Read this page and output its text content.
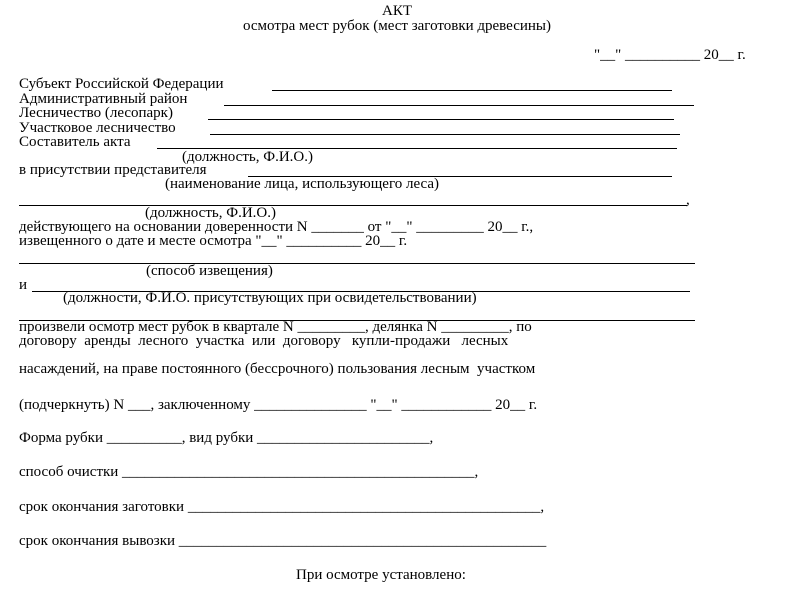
АКТ
осмотра мест рубок (мест заготовки древесины)
"__" __________ 20__ г.
Субъект Российской Федерации
Административный район
Лесничество (лесопарк)
Участковое лесничество
Составитель акта
(должность, Ф.И.О.)
в присутствии представителя
(наименование лица, использующего леса)
,
(должность, Ф.И.О.)
действующего на основании доверенности N _______ от "__" _________ 20__ г.,
извещенного о дате и месте осмотра "__" __________ 20__ г.
(способ извещения)
и
(должности, Ф.И.О. присутствующих при освидетельствовании)
произвели осмотр мест рубок в квартале N _________, делянка N _________, по
договору  аренды  лесного  участка  или  договору   купли-продажи   лесных
насаждений, на праве постоянного (бессрочного) пользования лесным  участком
(подчеркнуть) N ___, заключенному _______________ "__" ____________ 20__ г.
Форма рубки __________, вид рубки _______________________,
способ очистки _______________________________________________,
срок окончания заготовки _______________________________________________,
срок окончания вывозки _________________________________________________
При осмотре установлено:
